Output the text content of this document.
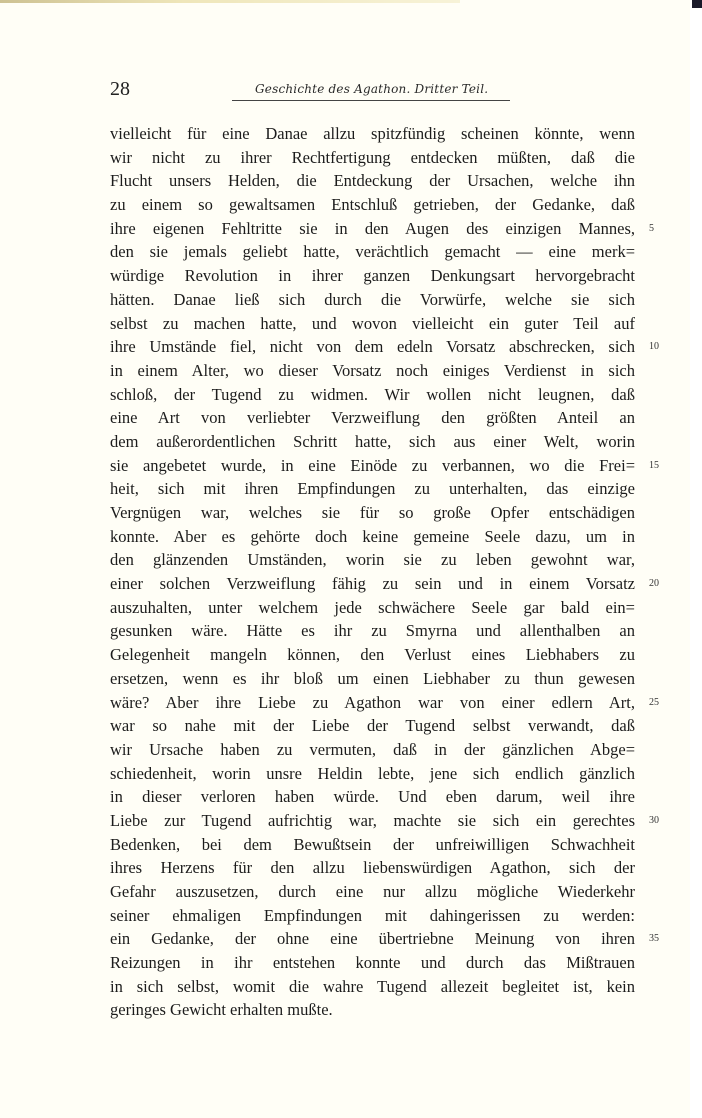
28	Geschichte des Agathon. Dritter Teil.
vielleicht für eine Danae allzu spitzfündig scheinen könnte, wenn
wir nicht zu ihrer Rechtfertigung entdecken müßten, daß die
Flucht unsers Helden, die Entdeckung der Ursachen, welche ihn
zu einem so gewaltsamen Entschluß getrieben, der Gedanke, daß
ihre eigenen Fehltritte sie in den Augen des einzigen Mannes, 5
den sie jemals geliebt hatte, verächtlich gemacht — eine merk=
würdige Revolution in ihrer ganzen Denkungsart hervorgebracht
hätten. Danae ließ sich durch die Vorwürfe, welche sie sich
selbst zu machen hatte, und wovon vielleicht ein guter Teil auf
ihre Umstände fiel, nicht von dem edeln Vorsatz abschrecken, sich 10
in einem Alter, wo dieser Vorsatz noch einiges Verdienst in sich
schloß, der Tugend zu widmen. Wir wollen nicht leugnen, daß
eine Art von verliebter Verzweiflung den größten Anteil an
dem außerordentlichen Schritt hatte, sich aus einer Welt, worin
sie angebetet wurde, in eine Einöde zu verbannen, wo die Frei= 15
heit, sich mit ihren Empfindungen zu unterhalten, das einzige
Vergnügen war, welches sie für so große Opfer entschädigen
konnte. Aber es gehörte doch keine gemeine Seele dazu, um in
den glänzenden Umständen, worin sie zu leben gewohnt war,
einer solchen Verzweiflung fähig zu sein und in einem Vorsatz 20
auszuhalten, unter welchem jede schwächere Seele gar bald ein=
gesunken wäre. Hätte es ihr zu Smyrna und allenthalben an
Gelegenheit mangeln können, den Verlust eines Liebhabers zu
ersetzen, wenn es ihr bloß um einen Liebhaber zu thun gewesen
wäre? Aber ihre Liebe zu Agathon war von einer edlern Art, 25
war so nahe mit der Liebe der Tugend selbst verwandt, daß
wir Ursache haben zu vermuten, daß in der gänzlichen Abge=
schiedenheit, worin unsre Heldin lebte, jene sich endlich gänzlich
in dieser verloren haben würde. Und eben darum, weil ihre
Liebe zur Tugend aufrichtig war, machte sie sich ein gerechtes 30
Bedenken, bei dem Bewußtsein der unfreiwilligen Schwachheit
ihres Herzens für den allzu liebenswürdigen Agathon, sich der
Gefahr auszusetzen, durch eine nur allzu mögliche Wiederkehr
seiner ehmaligen Empfindungen mit dahingerissen zu werden:
ein Gedanke, der ohne eine übertriebne Meinung von ihren 35
Reizungen in ihr entstehen konnte und durch das Mißtrauen
in sich selbst, womit die wahre Tugend allezeit begleitet ist, kein
geringes Gewicht erhalten mußte.
